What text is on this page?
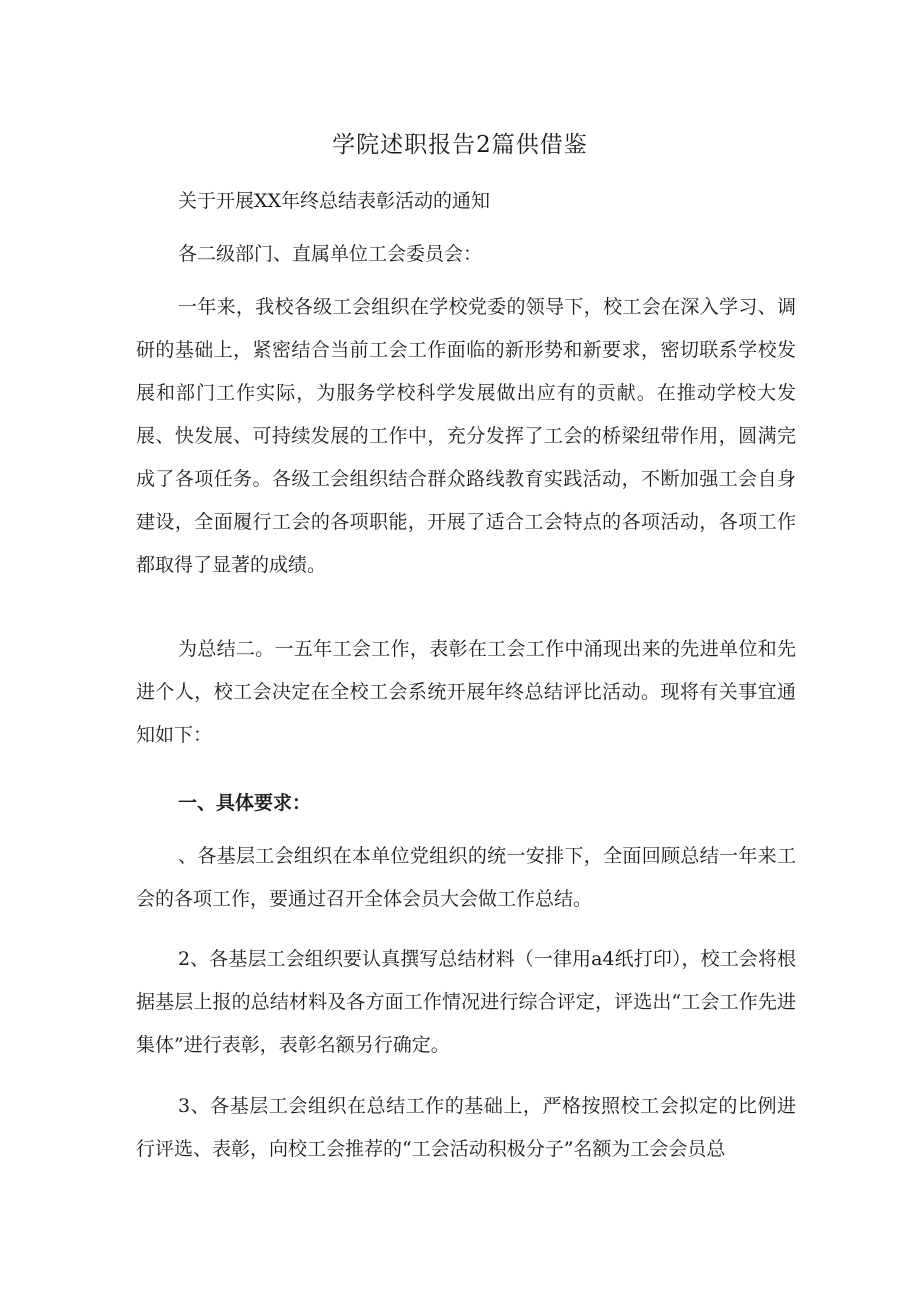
学院述职报告2篇供借鉴

关于开展XX年终总结表彰活动的通知

各二级部门、直属单位工会委员会：

一年来，我校各级工会组织在学校党委的领导下，校工会在深入学习、调研的基础上，紧密结合当前工会工作面临的新形势和新要求，密切联系学校发展和部门工作实际，为服务学校科学发展做出应有的贡献。在推动学校大发展、快发展、可持续发展的工作中，充分发挥了工会的桥梁纽带作用，圆满完成了各项任务。各级工会组织结合群众路线教育实践活动，不断加强工会自身建设，全面履行工会的各项职能，开展了适合工会特点的各项活动，各项工作都取得了显著的成绩。

为总结二。一五年工会工作，表彰在工会工作中涌现出来的先进单位和先进个人，校工会决定在全校工会系统开展年终总结评比活动。现将有关事宜通知如下：

一、具体要求：

、各基层工会组织在本单位党组织的统一安排下，全面回顾总结一年来工会的各项工作，要通过召开全体会员大会做工作总结。

2、各基层工会组织要认真撰写总结材料（一律用a4纸打印），校工会将根据基层上报的总结材料及各方面工作情况进行综合评定，评选出“工会工作先进集体”进行表彰，表彰名额另行确定。

3、各基层工会组织在总结工作的基础上，严格按照校工会拟定的比例进行评选、表彰，向校工会推荐的“工会活动积极分子”名额为工会会员总
